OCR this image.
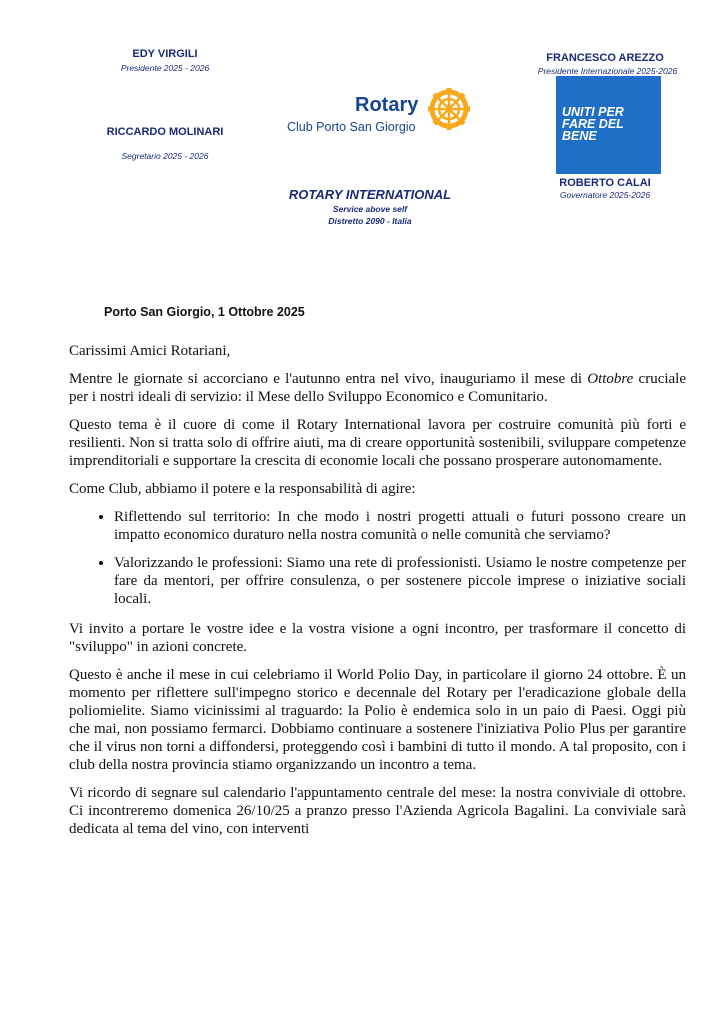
EDY VIRGILI
Presidente 2025 - 2026
RICCARDO MOLINARI
Segretario 2025 - 2026
Rotary
Club Porto San Giorgio
ROTARY INTERNATIONAL
Service above self
Distretto 2090 - Italia
FRANCESCO AREZZO
Presidente Internazionale 2025-2026
UNITI PER FARE DEL BENE
ROBERTO CALAI
Governatore 2025-2026
Porto San Giorgio, 1 Ottobre 2025

Carissimi Amici Rotariani,

Mentre le giornate si accorciano e l'autunno entra nel vivo, inauguriamo il mese di Ottobre cruciale per i nostri ideali di servizio: il Mese dello Sviluppo Economico e Comunitario.

Questo tema è il cuore di come il Rotary International lavora per costruire comunità più forti e resilienti. Non si tratta solo di offrire aiuti, ma di creare opportunità sostenibili, sviluppare competenze imprenditoriali e supportare la crescita di economie locali che possano prosperare autonomamente.

Come Club, abbiamo il potere e la responsabilità di agire:

• Riflettendo sul territorio: In che modo i nostri progetti attuali o futuri possono creare un impatto economico duraturo nella nostra comunità o nelle comunità che serviamo?
• Valorizzando le professioni: Siamo una rete di professionisti. Usiamo le nostre competenze per fare da mentori, per offrire consulenza, o per sostenere piccole imprese o iniziative sociali locali.

Vi invito a portare le vostre idee e la vostra visione a ogni incontro, per trasformare il concetto di "sviluppo" in azioni concrete.

Questo è anche il mese in cui celebriamo il World Polio Day, in particolare il giorno 24 ottobre. È un momento per riflettere sull'impegno storico e decennale del Rotary per l'eradicazione globale della poliomielite. Siamo vicinissimi al traguardo: la Polio è endemica solo in un paio di Paesi. Oggi più che mai, non possiamo fermarci. Dobbiamo continuare a sostenere l'iniziativa Polio Plus per garantire che il virus non torni a diffondersi, proteggendo così i bambini di tutto il mondo. A tal proposito, con i club della nostra provincia stiamo organizzando un incontro a tema.

Vi ricordo di segnare sul calendario l'appuntamento centrale del mese: la nostra conviviale di ottobre. Ci incontreremo domenica 26/10/25 a pranzo presso l'Azienda Agricola Bagalini. La conviviale sarà dedicata al tema del vino, con interventi
